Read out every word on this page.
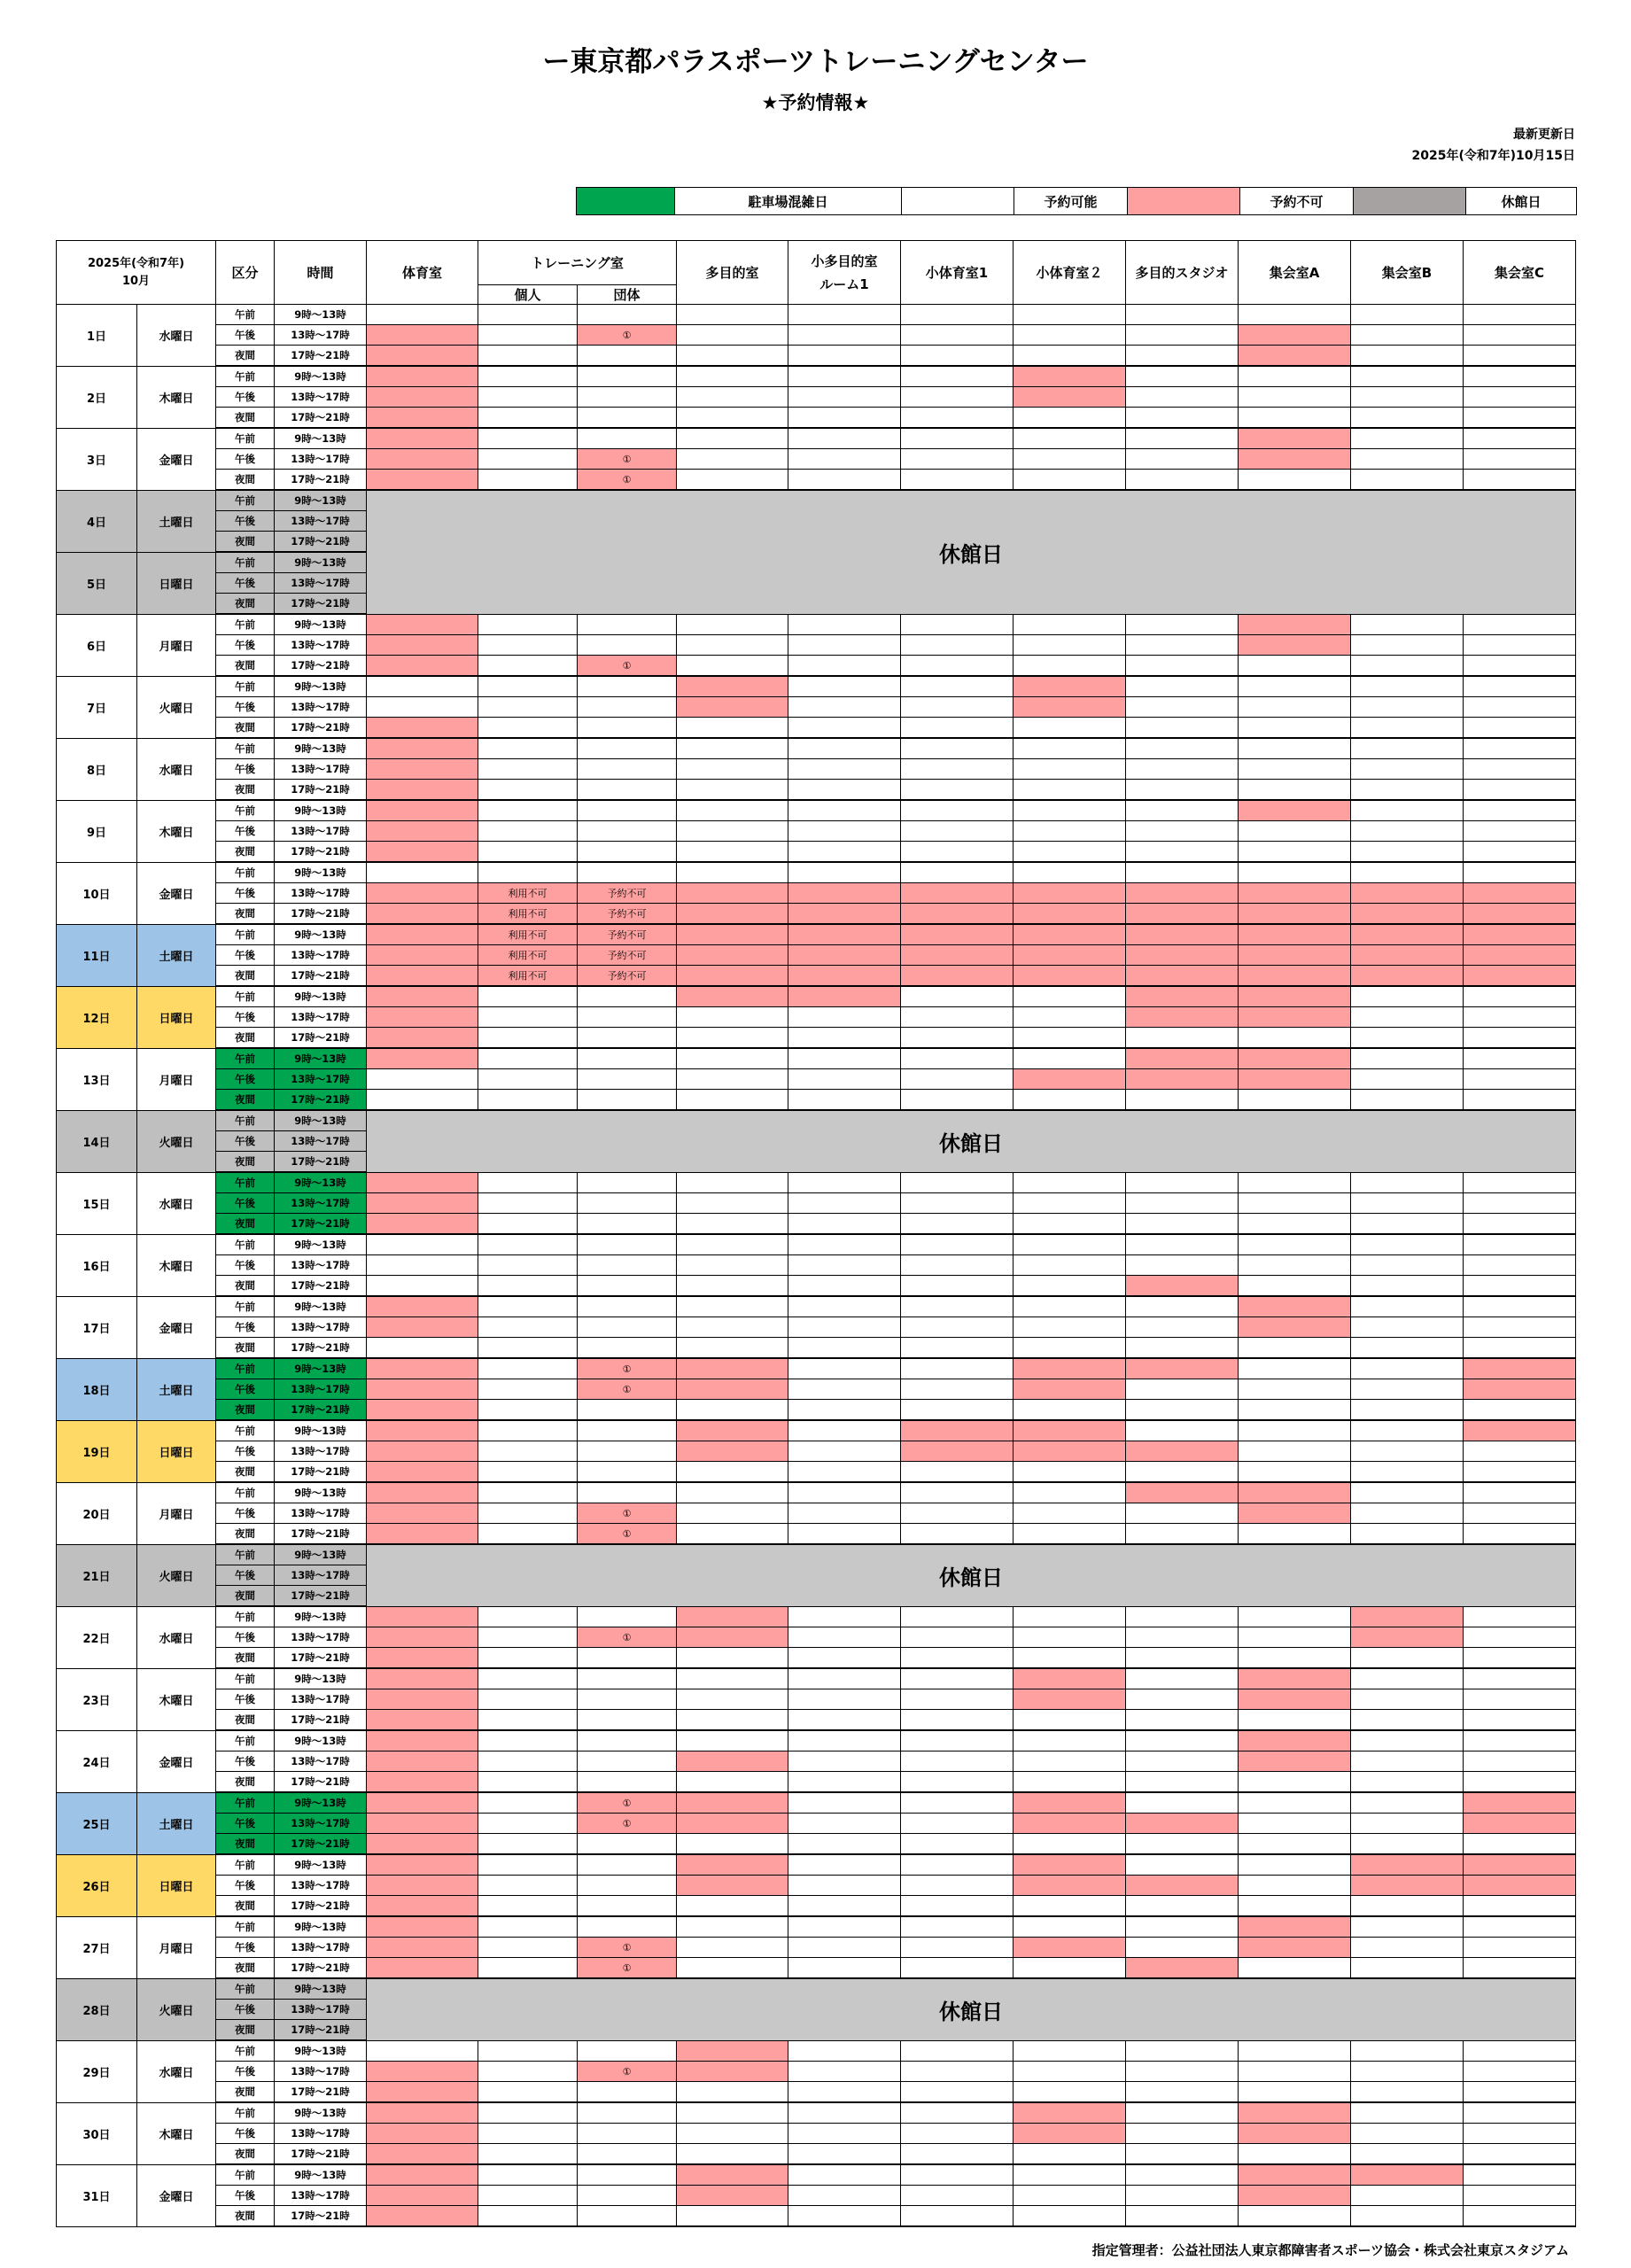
ー東京都パラスポーツトレーニングセンター
★予約情報★
最新更新日
2025年(令和7年)10月15日
駐車場混雑日	予約可能	予約不可	休館日
2025年(令和7年)
10月		区分	時間	体育室	トレーニング室		多目的室	小多目的室
ルーム1	小体育室1	小体育室２	多目的スタジオ	集会室A	集会室B	集会室C
					個人	団体								
1日	水曜日	午前	9時～13時											
		午後	13時～17時			①								
		夜間	17時～21時											
2日	木曜日	午前	9時～13時											
		午後	13時～17時											
		夜間	17時～21時											
3日	金曜日	午前	9時～13時											
		午後	13時～17時			①								
		夜間	17時～21時			①								
4日	土曜日	午前	9時～13時	休館日										
		午後	13時～17時											
		夜間	17時～21時											
5日	日曜日	午前	9時～13時											
		午後	13時～17時											
		夜間	17時～21時											
6日	月曜日	午前	9時～13時											
		午後	13時～17時											
		夜間	17時～21時			①								
7日	火曜日	午前	9時～13時											
		午後	13時～17時											
		夜間	17時～21時											
8日	水曜日	午前	9時～13時											
		午後	13時～17時											
		夜間	17時～21時											
9日	木曜日	午前	9時～13時											
		午後	13時～17時											
		夜間	17時～21時											
10日	金曜日	午前	9時～13時											
		午後	13時～17時		利用不可	予約不可								
		夜間	17時～21時		利用不可	予約不可								
11日	土曜日	午前	9時～13時		利用不可	予約不可								
		午後	13時～17時		利用不可	予約不可								
		夜間	17時～21時		利用不可	予約不可								
12日	日曜日	午前	9時～13時											
		午後	13時～17時											
		夜間	17時～21時											
13日	月曜日	午前	9時～13時											
		午後	13時～17時											
		夜間	17時～21時											
14日	火曜日	午前	9時～13時	休館日										
		午後	13時～17時											
		夜間	17時～21時											
15日	水曜日	午前	9時～13時											
		午後	13時～17時											
		夜間	17時～21時											
16日	木曜日	午前	9時～13時											
		午後	13時～17時											
		夜間	17時～21時											
17日	金曜日	午前	9時～13時											
		午後	13時～17時											
		夜間	17時～21時											
18日	土曜日	午前	9時～13時			①								
		午後	13時～17時			①								
		夜間	17時～21時											
19日	日曜日	午前	9時～13時											
		午後	13時～17時											
		夜間	17時～21時											
20日	月曜日	午前	9時～13時											
		午後	13時～17時			①								
		夜間	17時～21時			①								
21日	火曜日	午前	9時～13時	休館日										
		午後	13時～17時											
		夜間	17時～21時											
22日	水曜日	午前	9時～13時											
		午後	13時～17時			①								
		夜間	17時～21時											
23日	木曜日	午前	9時～13時											
		午後	13時～17時											
		夜間	17時～21時											
24日	金曜日	午前	9時～13時											
		午後	13時～17時											
		夜間	17時～21時											
25日	土曜日	午前	9時～13時			①								
		午後	13時～17時			①								
		夜間	17時～21時											
26日	日曜日	午前	9時～13時											
		午後	13時～17時											
		夜間	17時～21時											
27日	月曜日	午前	9時～13時											
		午後	13時～17時			①								
		夜間	17時～21時			①								
28日	火曜日	午前	9時～13時	休館日										
		午後	13時～17時											
		夜間	17時～21時											
29日	水曜日	午前	9時～13時											
		午後	13時～17時			①								
		夜間	17時～21時											
30日	木曜日	午前	9時～13時											
		午後	13時～17時											
		夜間	17時～21時											
31日	金曜日	午前	9時～13時											
		午後	13時～17時											
		夜間	17時～21時											
指定管理者：公益社団法人東京都障害者スポーツ協会・株式会社東京スタジアム
